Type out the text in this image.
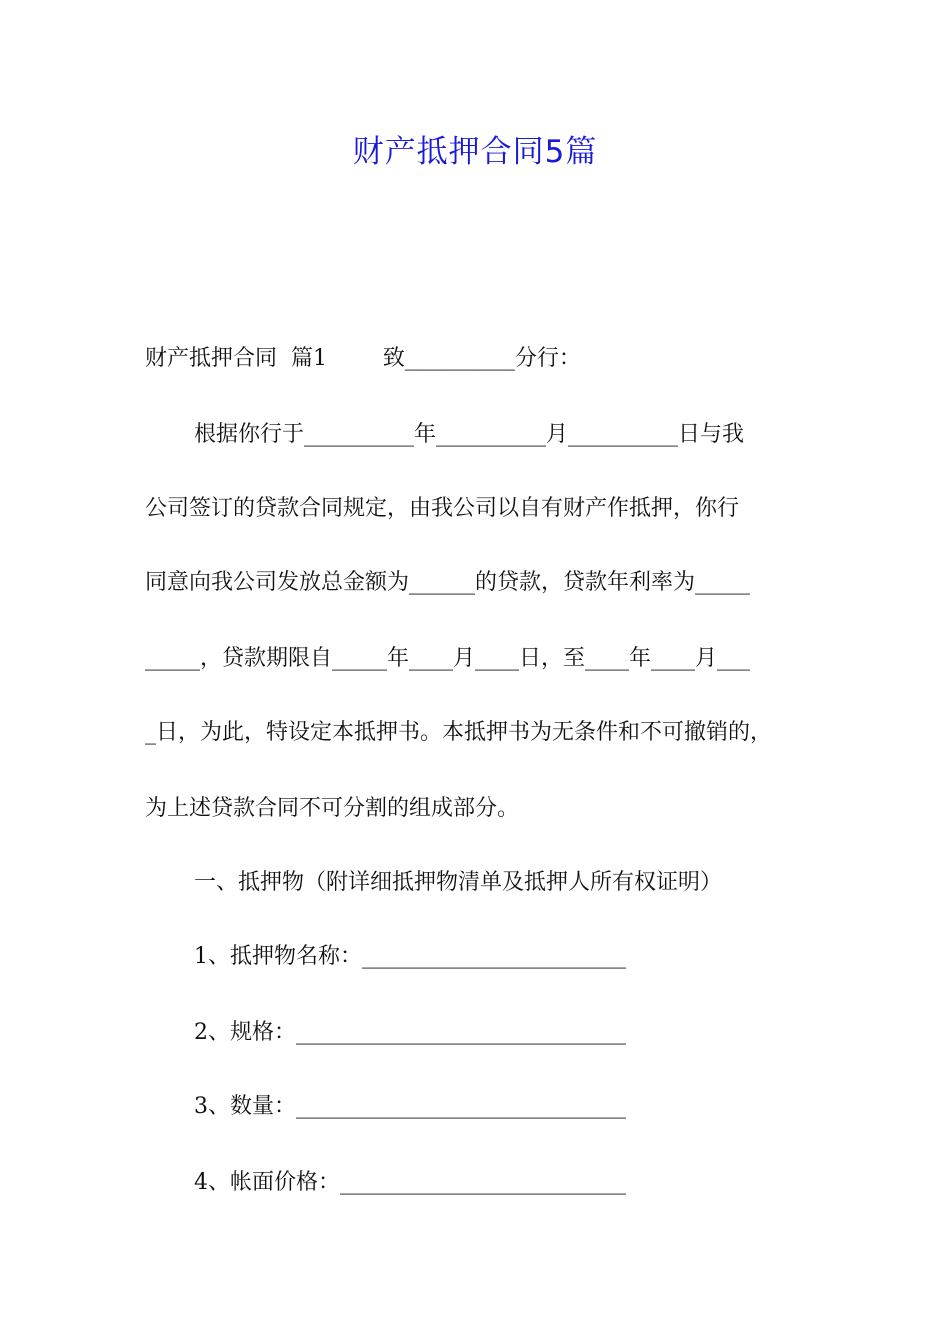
财产抵押合同5篇
财产抵押合同  篇1        致__________分行：
根据你行于__________年__________月__________日与我
公司签订的贷款合同规定，由我公司以自有财产作抵押，你行
同意向我公司发放总金额为______的贷款，贷款年利率为_____
_____，贷款期限自_____年____月____日，至____年____月___
_日，为此，特设定本抵押书。本抵押书为无条件和不可撤销的，
为上述贷款合同不可分割的组成部分。
一、抵押物（附详细抵押物清单及抵押人所有权证明）
1、抵押物名称：________________________
2、规格：______________________________
3、数量：______________________________
4、帐面价格：__________________________
